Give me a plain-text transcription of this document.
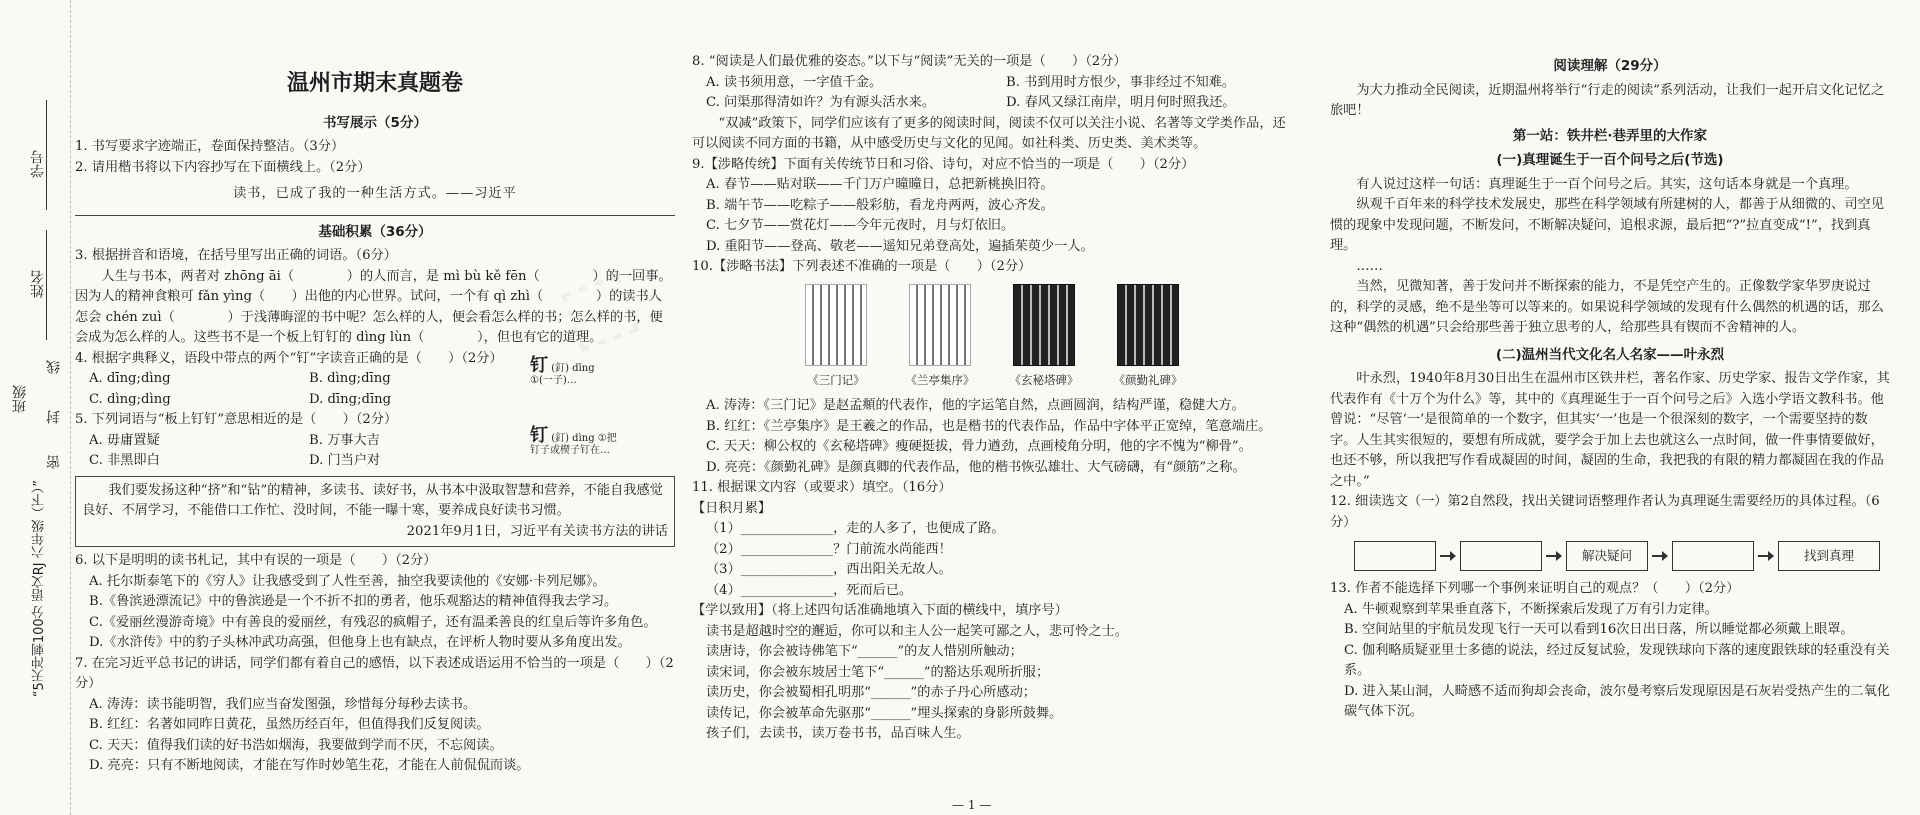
⬚
学号
姓名
班级
封
线
密
“5天冲刺100分 语文RJ 六年级（下）”
温州市期末真题卷
书写展示（5分）

1. 书写要求字迹端正，卷面保持整洁。（3分）

2. 请用楷书将以下内容抄写在下面横线上。（2分）

读书，已成了我的一种生活方式。——习近平
基础积累（36分）

3. 根据拼音和语境，在括号里写出正确的词语。（6分）

人生与书本，两者对 zhōng āi（　　　　）的人而言，是 mì bù kě fēn（　　　　）的一回事。因为人的精神食粮可 fǎn yìng（　　）出他的内心世界。试问，一个有 qì zhì（　　　　）的读书人怎会 chén zuì（　　　　）于浅薄晦涩的书中呢？怎么样的人，便会看怎么样的书；怎么样的书，便会成为怎么样的人。这些书不是一个板上钉钉的 dìng lùn（　　　　），但也有它的道理。

4. 根据字典释义，语段中带点的两个“钉”字读音正确的是（　　）（2分）

A. dīng;dìng	B. dìng;dīng
C. dìng;dìng	D. dīng;dīng

5. 下列词语与“板上钉钉”意思相近的是（　　）（2分）

A. 毋庸置疑	B. 万事大吉
C. 非黑即白	D. 门当户对

我们要发扬这种“挤”和“钻”的精神，多读书、读好书，从书本中汲取智慧和营养，不能自我感觉良好、不屑学习，不能借口工作忙、没时间，不能一曝十寒，要养成良好读书习惯。

2021年9月1日，习近平有关读书方法的讲话

6. 以下是明明的读书札记，其中有误的一项是（　　）（2分）

A. 托尔斯泰笔下的《穷人》让我感受到了人性至善，抽空我要读他的《安娜·卡列尼娜》。
B.《鲁滨逊漂流记》中的鲁滨逊是一个不折不扣的勇者，他乐观豁达的精神值得我去学习。
C.《爱丽丝漫游奇境》中有善良的爱丽丝，有残忍的疯帽子，还有温柔善良的红皇后等许多角色。
D.《水浒传》中的豹子头林冲武功高强，但他身上也有缺点，在评析人物时要从多角度出发。

7. 在完习近平总书记的讲话，同学们都有着自己的感悟，以下表述成语运用不恰当的一项是（　　）（2分）

A. 涛涛：读书能明智，我们应当奋发图强，珍惜每分每秒去读书。
B. 红红：名著如同昨日黄花，虽然历经百年，但值得我们反复阅读。
C. 天天：值得我们读的好书浩如烟海，我要做到学而不厌，不忘阅读。
D. 亮亮：只有不断地阅读，才能在写作时妙笔生花，才能在人前侃侃而谈。
钉 (釘) dīng ①(一子)…
钉 (釘) dìng ①把钉子或楔子钉在…

8. “阅读是人们最优雅的姿态。”以下与“阅读”无关的一项是（　　）（2分）

A. 读书须用意，一字值千金。	B. 书到用时方恨少，事非经过不知难。
C. 问渠那得清如许？为有源头活水来。	D. 春风又绿江南岸，明月何时照我还。

“双减”政策下，同学们应该有了更多的阅读时间，阅读不仅可以关注小说、名著等文学类作品，还可以阅读不同方面的书籍，从中感受历史与文化的见闻。如社科类、历史类、美术类等。

9.【涉略传统】下面有关传统节日和习俗、诗句，对应不恰当的一项是（　　）（2分）

A. 春节——贴对联——千门万户曈曈日，总把新桃换旧符。
B. 端午节——吃粽子——般彩舫，看龙舟两两，波心齐发。
C. 七夕节——赏花灯——今年元夜时，月与灯依旧。
D. 重阳节——登高、敬老——遥知兄弟登高处，遍插茱萸少一人。

10.【涉略书法】下列表述不准确的一项是（　　）（2分）

《三门记》	《兰亭集序》	《玄秘塔碑》	《颜勤礼碑》
A. 涛涛：《三门记》是赵孟頫的代表作，他的字运笔自然，点画圆润，结构严谨，稳健大方。
B. 红红：《兰亭集序》是王羲之的作品，也是楷书的代表作品，作品中字体平正宽绰，笔意端庄。
C. 天天：柳公权的《玄秘塔碑》瘦硬挺拔，骨力遒劲，点画棱角分明，他的字不愧为“柳骨”。
D. 亮亮：《颜勤礼碑》是颜真卿的代表作品，他的楷书恢弘雄壮、大气磅礴，有“颜筋”之称。

11. 根据课文内容（或要求）填空。（16分）

【日积月累】
（1）______________，走的人多了，也便成了路。
（2）______________？门前流水尚能西！
（3）______________，西出阳关无故人。
（4）______________，死而后已。
【学以致用】（将上述四句话准确地填入下面的横线中，填序号）
读书是超越时空的邂逅，你可以和主人公一起笑可鄙之人，悲可怜之士。
读唐诗，你会被诗佛笔下“______”的友人惜别所触动；
读宋词，你会被东坡居士笔下“______”的豁达乐观所折服；
读历史，你会被蜀相孔明那“______”的赤子丹心所感动；
读传记，你会被革命先驱那“______”埋头探索的身影所鼓舞。
孩子们，去读书，读万卷书书，品百味人生。
— 1 —
阅读理解（29分）

为大力推动全民阅读，近期温州将举行“行走的阅读”系列活动，让我们一起开启文化记忆之旅吧！

第一站：铁井栏·巷弄里的大作家
(一)真理诞生于一百个问号之后(节选)

有人说过这样一句话：真理诞生于一百个问号之后。其实，这句话本身就是一个真理。

纵观千百年来的科学技术发展史，那些在科学领域有所建树的人，都善于从细微的、司空见惯的现象中发现问题，不断发问，不断解决疑问，追根求源，最后把“?”拉直变成“!”，找到真理。

……

当然，见微知著，善于发问并不断探索的能力，不是凭空产生的。正像数学家华罗庚说过的，科学的灵感，绝不是坐等可以等来的。如果说科学领域的发现有什么偶然的机遇的话，那么这种“偶然的机遇”只会给那些善于独立思考的人，给那些具有锲而不舍精神的人。

(二)温州当代文化名人名家——叶永烈

叶永烈，1940年8月30日出生在温州市区铁井栏，著名作家、历史学家、报告文学作家，其代表作有《十万个为什么》等，其中的《真理诞生于一百个问号之后》入选小学语文教科书。他曾说：“尽管‘一’是很简单的一个数字，但其实‘一’也是一个很深刻的数字，一个需要坚持的数字。人生其实很短的，要想有所成就，要学会于加上去也就这么一点时间，做一件事情要做好，也还不够，所以我把写作看成凝固的时间，凝固的生命，我把我的有限的精力都凝固在我的作品之中。”

12. 细读选文（一）第2自然段，找出关键词语整理作者认为真理诞生需要经历的具体过程。（6分）

解决疑问	找到真理

13. 作者不能选择下列哪一个事例来证明自己的观点？（　　）（2分）

A. 牛顿观察到苹果垂直落下，不断探索后发现了万有引力定律。
B. 空间站里的宇航员发现飞行一天可以看到16次日出日落，所以睡觉都必须戴上眼罩。
C. 伽利略质疑亚里士多德的说法，经过反复试验，发现铁球向下落的速度跟铁球的轻重没有关系。
D. 进入某山洞，人畸感不适而狗却会丧命，波尔曼考察后发现原因是石灰岩受热产生的二氧化碳气体下沉。
